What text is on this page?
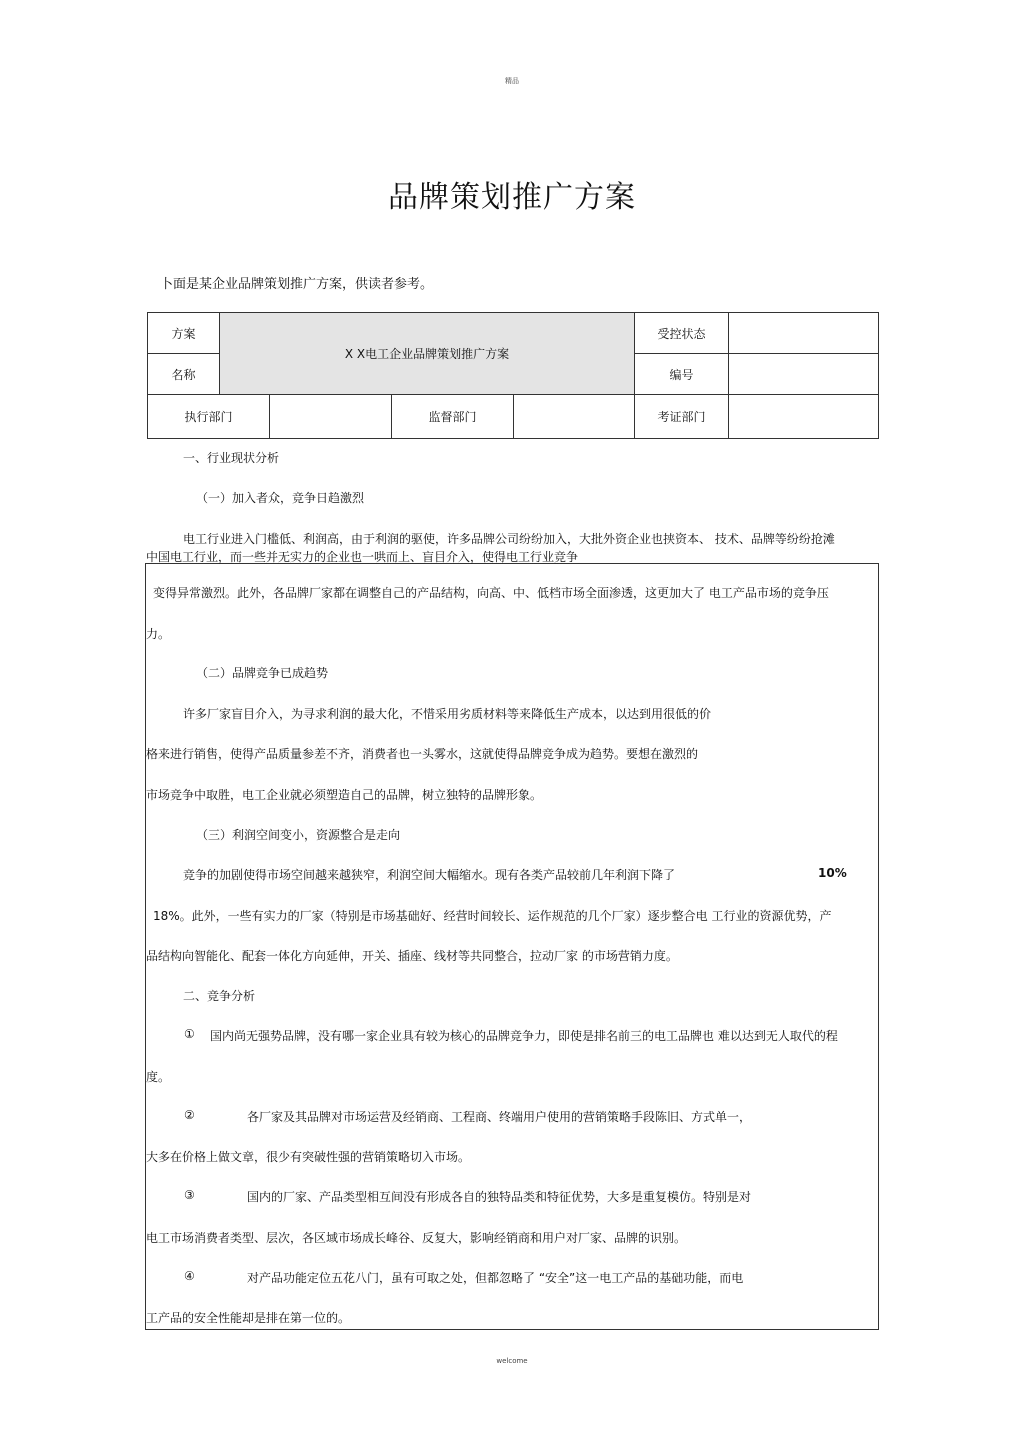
精品
品牌策划推广方案
卜面是某企业品牌策划推广方案，供读者参考。
方案	X X电工企业品牌策划推广方案				受控状态	
名称					编号	
执行部门			监督部门		考证部门	
一、行业现状分析
（一）加入者众，竞争日趋激烈
电工行业进入门槛低、利润高，由于利润的驱使，许多品牌公司纷纷加入，大批外资企业也挟资本、 技术、品牌等纷纷抢滩
中国电工行业，而一些并无实力的企业也一哄而上、盲目介入，使得电工行业竞争
变得异常激烈。此外，各品牌厂家都在调整自己的产品结构，向高、中、低档市场全面渗透，这更加大了 电工产品市场的竞争压
力。
（二）品牌竞争已成趋势
许多厂家盲目介入，为寻求利润的最大化，不惜采用劣质材料等来降低生产成本，以达到用很低的价
格来进行销售，使得产品质量参差不齐，消费者也一头雾水，这就使得品牌竞争成为趋势。要想在激烈的
市场竞争中取胜，电工企业就必须塑造自己的品牌，树立独特的品牌形象。
（三）利润空间变小，资源整合是走向
竞争的加剧使得市场空间越来越狭窄，利润空间大幅缩水。现有各类产品较前几年利润下降了	10%
18%。此外，一些有实力的厂家（特别是市场基础好、经营时间较长、运作规范的几个厂家）逐步整合电 工行业的资源优势，产
品结构向智能化、配套一体化方向延伸，开关、插座、线材等共同整合，拉动厂家 的市场营销力度。
二、竞争分析
① 国内尚无强势品牌，没有哪一家企业具有较为核心的品牌竞争力，即使是排名前三的电工品牌也 难以达到无人取代的程
度。
②	各厂家及其品牌对市场运营及经销商、工程商、终端用户使用的营销策略手段陈旧、方式单一，
大多在价格上做文章，很少有突破性强的营销策略切入市场。
③	国内的厂家、产品类型相互间没有形成各自的独特品类和特征优势，大多是重复模仿。特别是对
电工市场消费者类型、层次，各区域市场成长峰谷、反复大，影响经销商和用户对厂家、品牌的识别。
④	对产品功能定位五花八门，虽有可取之处，但都忽略了 “安全”这一电工产品的基础功能，而电
工产品的安全性能却是排在第一位的。
welcome
